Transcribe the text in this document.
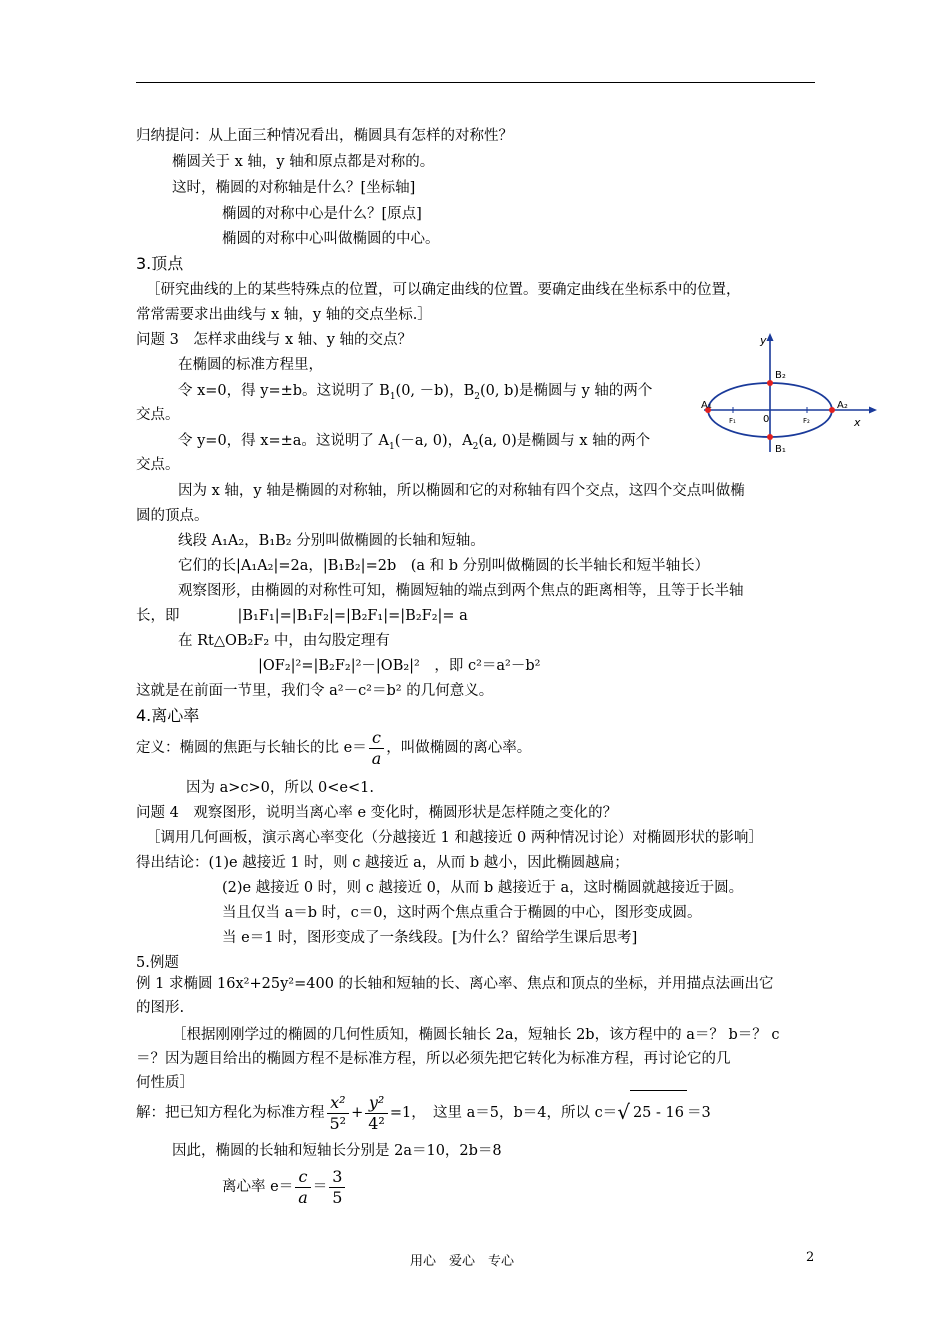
归纳提问：从上面三种情况看出，椭圆具有怎样的对称性？
椭圆关于 x 轴，y 轴和原点都是对称的。
这时，椭圆的对称轴是什么？[坐标轴]
椭圆的对称中心是什么？[原点]
椭圆的对称中心叫做椭圆的中心。
3.顶点
［研究曲线的上的某些特殊点的位置，可以确定曲线的位置。要确定曲线在坐标系中的位置，
常常需要求出曲线与 x 轴，y 轴的交点坐标.］
问题 3　怎样求曲线与 x 轴、y 轴的交点？
在椭圆的标准方程里，
令 x=0，得 y=±b。这说明了 $B_1(0$, －b)，$B_2(0$, b)是椭圆与 y 轴的两个
交点。
令 y=0，得 x=±a。这说明了 $A_1(-a$, 0)，$A_2(a$, 0)是椭圆与 x 轴的两个
交点。
因为 x 轴，y 轴是椭圆的对称轴，所以椭圆和它的对称轴有四个交点，这四个交点叫做椭
圆的顶点。
线段 A₁A₂，B₁B₂ 分别叫做椭圆的长轴和短轴。
它们的长|A₁A₂|=2a，|B₁B₂|=2b　(a 和 b 分别叫做椭圆的长半轴长和短半轴长）
观察图形，由椭圆的对称性可知，椭圆短轴的端点到两个焦点的距离相等，且等于长半轴
长，即　　　　|B₁F₁|=|B₁F₂|=|B₂F₁|=|B₂F₂|= a
在 Rt△OB₂F₂ 中，由勾股定理有
|OF₂|²=|B₂F₂|²－|OB₂|²　，即 c²＝a²－b²
这就是在前面一节里，我们令 a²－c²＝b² 的几何意义。
4.离心率
定义：椭圆的焦距与长轴长的比 $e= \frac{c}{a}$ ，叫做椭圆的离心率。
因为 a>c>0，所以 0<e<1.
问题 4　观察图形，说明当离心率 e 变化时，椭圆形状是怎样随之变化的？
［调用几何画板，演示离心率变化（分越接近 1 和越接近 0 两种情况讨论）对椭圆形状的影响］
得出结论：(1)e 越接近 1 时，则 c 越接近 a，从而 b 越小，因此椭圆越扁；
(2)e 越接近 0 时，则 c 越接近 0，从而 b 越接近于 a，这时椭圆就越接近于圆。
当且仅当 a＝b 时，c＝0，这时两个焦点重合于椭圆的中心，图形变成圆。
当 e＝1 时，图形变成了一条线段。[为什么？留给学生课后思考]
5.例题
例 1 求椭圆 16x²+25y²=400 的长轴和短轴的长、离心率、焦点和顶点的坐标，并用描点法画出它
的图形.
［根据刚刚学过的椭圆的几何性质知，椭圆长轴长 2a，短轴长 2b，该方程中的 a＝？ b＝？ c
＝？因为题目给出的椭圆方程不是标准方程，所以必须先把它转化为标准方程，再讨论它的几
何性质］
解：把已知方程化为标准方程 $\frac{\text{x²}}{\text{5²}} + \frac{\text{y²}}{\text{4²}} =1$，　这里 a＝5，b＝4，所以 c＝√ 25 - 16 ＝3
因此，椭圆的长轴和短轴长分别是 2a＝10，2b＝8
离心率 $e= \frac{c}{a} = \frac{3}{5}$
y
x
A₁	A₂
B₂
B₁
F₁	F₂
0
用心　爱心　专心	2
